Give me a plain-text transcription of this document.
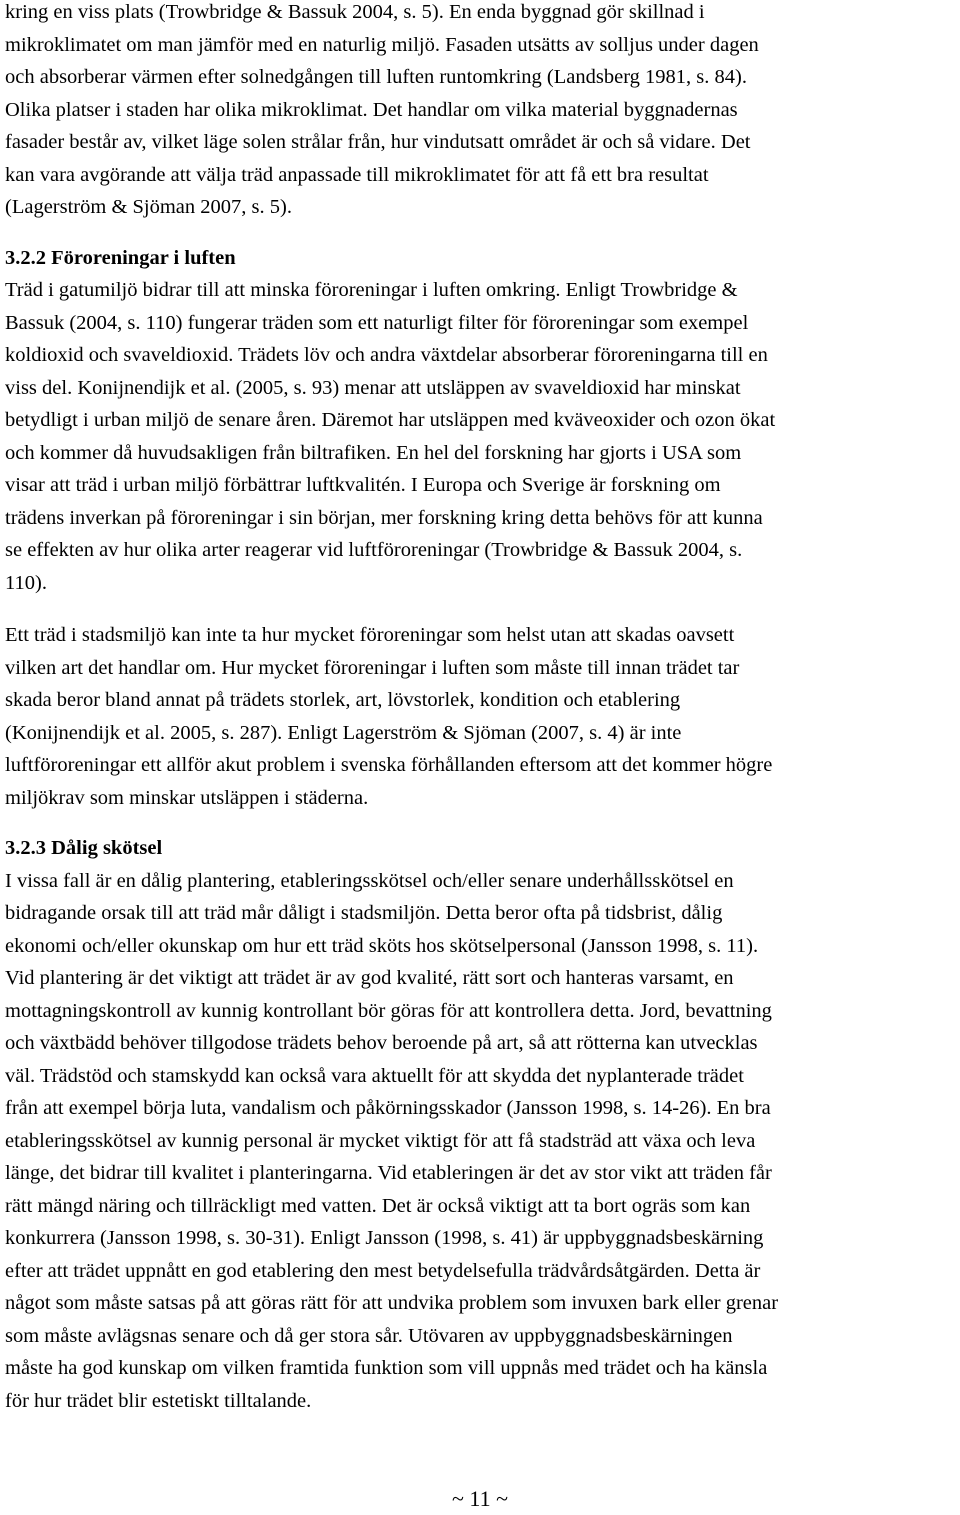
kring en viss plats (Trowbridge & Bassuk 2004, s. 5). En enda byggnad gör skillnad i

mikroklimatet om man jämför med en naturlig miljö. Fasaden utsätts av solljus under dagen

och absorberar värmen efter solnedgången till luften runtomkring (Landsberg 1981, s. 84).

Olika platser i staden har olika mikroklimat. Det handlar om vilka material byggnadernas

fasader består av, vilket läge solen strålar från, hur vindutsatt området är och så vidare. Det

kan vara avgörande att välja träd anpassade till mikroklimatet för att få ett bra resultat

(Lagerström & Sjöman 2007, s. 5).

3.2.2 Föroreningar i luften

Träd i gatumiljö bidrar till att minska föroreningar i luften omkring. Enligt Trowbridge &

Bassuk (2004, s. 110) fungerar träden som ett naturligt filter för föroreningar som exempel

koldioxid och svaveldioxid. Trädets löv och andra växtdelar absorberar föroreningarna till en

viss del. Konijnendijk et al. (2005, s. 93) menar att utsläppen av svaveldioxid har minskat

betydligt i urban miljö de senare åren. Däremot har utsläppen med kväveoxider och ozon ökat

och kommer då huvudsakligen från biltrafiken. En hel del forskning har gjorts i USA som

visar att träd i urban miljö förbättrar luftkvalitén. I Europa och Sverige är forskning om

trädens inverkan på föroreningar i sin början, mer forskning kring detta behövs för att kunna

se effekten av hur olika arter reagerar vid luftföroreningar (Trowbridge & Bassuk 2004, s.

110).

Ett träd i stadsmiljö kan inte ta hur mycket föroreningar som helst utan att skadas oavsett

vilken art det handlar om. Hur mycket föroreningar i luften som måste till innan trädet tar

skada beror bland annat på trädets storlek, art, lövstorlek, kondition och etablering

(Konijnendijk et al. 2005, s. 287). Enligt Lagerström & Sjöman (2007, s. 4) är inte

luftföroreningar ett allför akut problem i svenska förhållanden eftersom att det kommer högre

miljökrav som minskar utsläppen i städerna.

3.2.3 Dålig skötsel

I vissa fall är en dålig plantering, etableringsskötsel och/eller senare underhållsskötsel en

bidragande orsak till att träd mår dåligt i stadsmiljön. Detta beror ofta på tidsbrist, dålig

ekonomi och/eller okunskap om hur ett träd sköts hos skötselpersonal (Jansson 1998, s. 11).

Vid plantering är det viktigt att trädet är av god kvalité, rätt sort och hanteras varsamt, en

mottagningskontroll av kunnig kontrollant bör göras för att kontrollera detta. Jord, bevattning

och växtbädd behöver tillgodose trädets behov beroende på art, så att rötterna kan utvecklas

väl. Trädstöd och stamskydd kan också vara aktuellt för att skydda det nyplanterade trädet

från att exempel börja luta, vandalism och påkörningsskador (Jansson 1998, s. 14-26). En bra

etableringsskötsel av kunnig personal är mycket viktigt för att få stadsträd att växa och leva

länge, det bidrar till kvalitet i planteringarna. Vid etableringen är det av stor vikt att träden får

rätt mängd näring och tillräckligt med vatten. Det är också viktigt att ta bort ogräs som kan

konkurrera (Jansson 1998, s. 30-31). Enligt Jansson (1998, s. 41) är uppbyggnadsbeskärning

efter att trädet uppnått en god etablering den mest betydelsefulla trädvårdsåtgärden. Detta är

något som måste satsas på att göras rätt för att undvika problem som invuxen bark eller grenar

som måste avlägsnas senare och då ger stora sår. Utövaren av uppbyggnadsbeskärningen

måste ha god kunskap om vilken framtida funktion som vill uppnås med trädet och ha känsla

för hur trädet blir estetiskt tilltalande.

~ 11 ~
